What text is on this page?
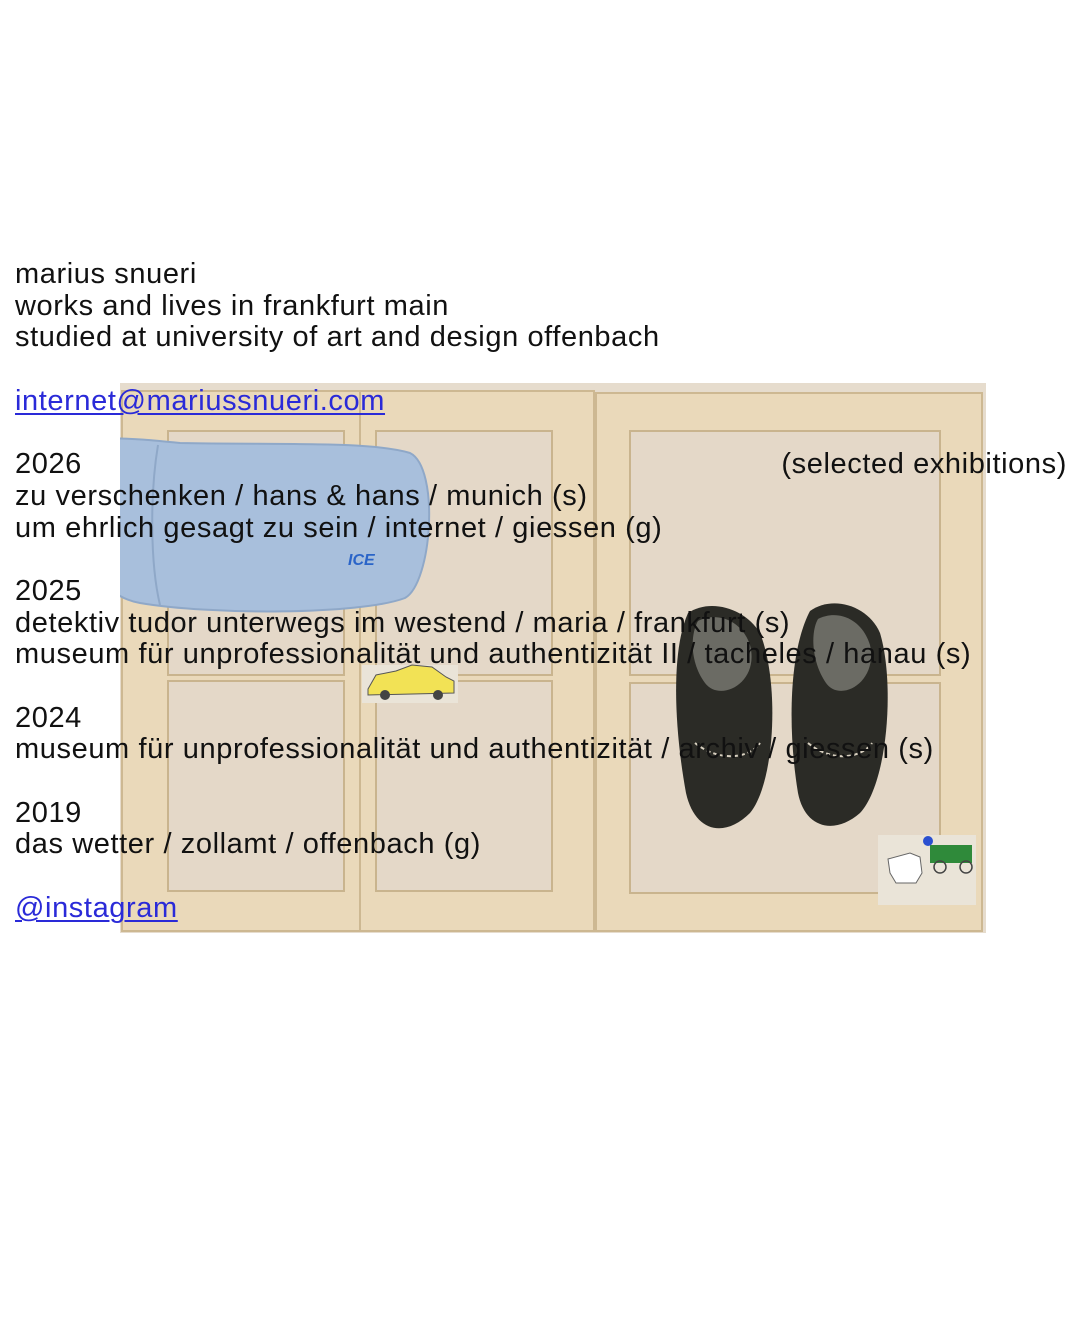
ICE
marius snueri
works and lives in frankfurt main
studied at university of art and design offenbach
internet@mariussnueri.com
2026	(selected exhibitions)
zu verschenken / hans & hans / munich (s)
um ehrlich gesagt zu sein / internet / giessen (g)
2025
detektiv tudor unterwegs im westend / maria / frankfurt (s)
museum für unprofessionalität und authentizität II / tacheles / hanau (s)
2024
museum für unprofessionalität und authentizität / archiv / giessen (s)
2019
das wetter / zollamt / offenbach (g)
@instagram
